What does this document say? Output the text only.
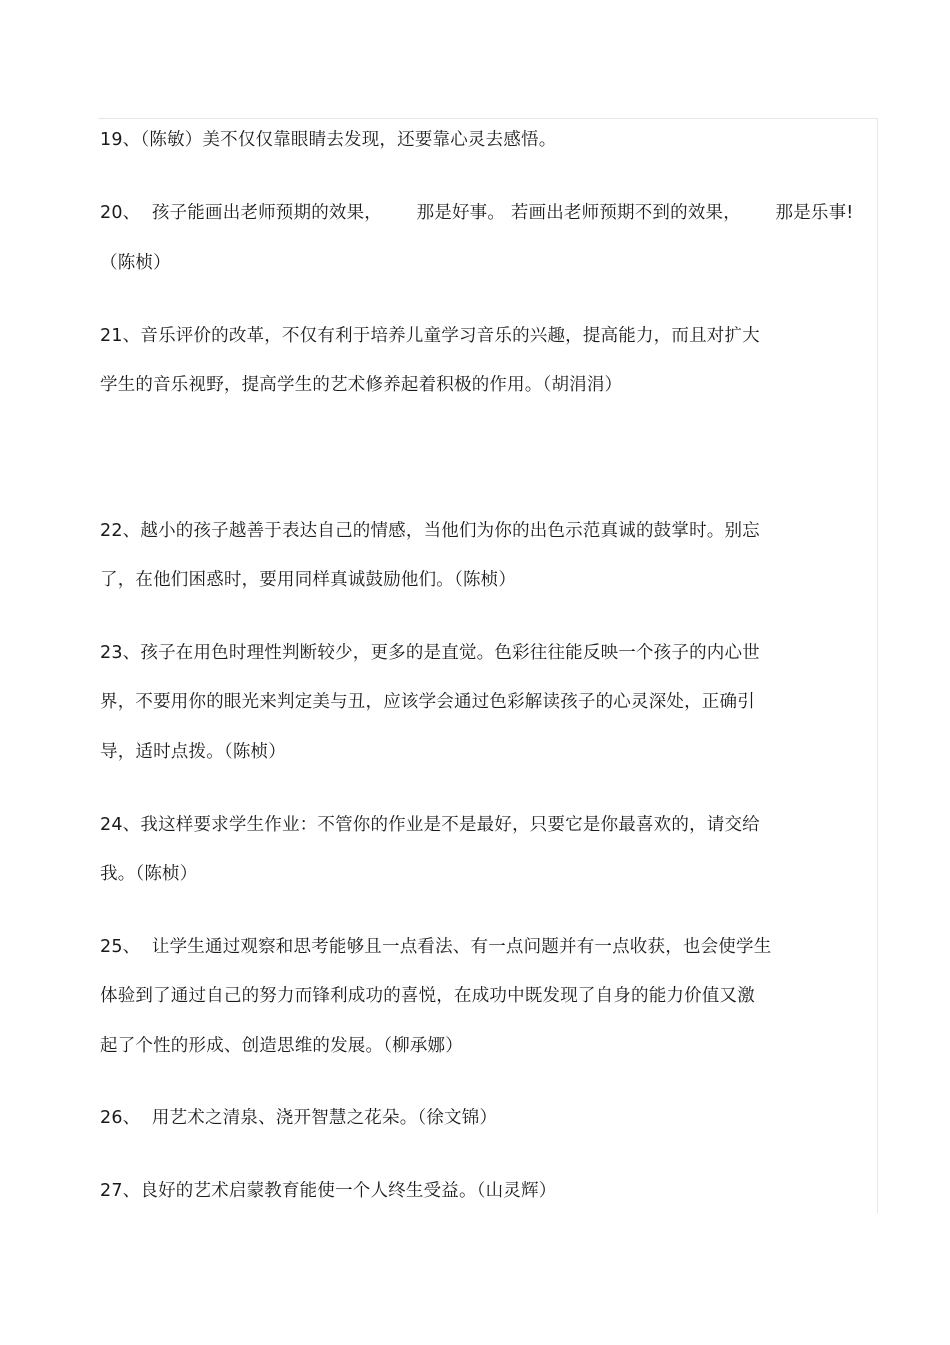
19、（陈敏）美不仅仅靠眼睛去发现，还要靠心灵去感悟。
20、  孩子能画出老师预期的效果，      那是好事。 若画出老师预期不到的效果，      那是乐事!
（陈桢）
21、音乐评价的改革，不仅有利于培养儿童学习音乐的兴趣，提高能力，而且对扩大
学生的音乐视野，提高学生的艺术修养起着积极的作用。（胡涓涓）
22、越小的孩子越善于表达自己的情感，当他们为你的出色示范真诚的鼓掌时。别忘
了，在他们困惑时，要用同样真诚鼓励他们。（陈桢）
23、孩子在用色时理性判断较少，更多的是直觉。色彩往往能反映一个孩子的内心世
界，不要用你的眼光来判定美与丑，应该学会通过色彩解读孩子的心灵深处，正确引
导，适时点拨。（陈桢）
24、我这样要求学生作业：不管你的作业是不是最好，只要它是你最喜欢的，请交给
我。（陈桢）
25、  让学生通过观察和思考能够且一点看法、有一点问题并有一点收获，也会使学生
体验到了通过自己的努力而锋利成功的喜悦，在成功中既发现了自身的能力价值又激
起了个性的形成、创造思维的发展。（柳承娜）
26、  用艺术之清泉、浇开智慧之花朵。（徐文锦）
27、良好的艺术启蒙教育能使一个人终生受益。（山灵辉）
